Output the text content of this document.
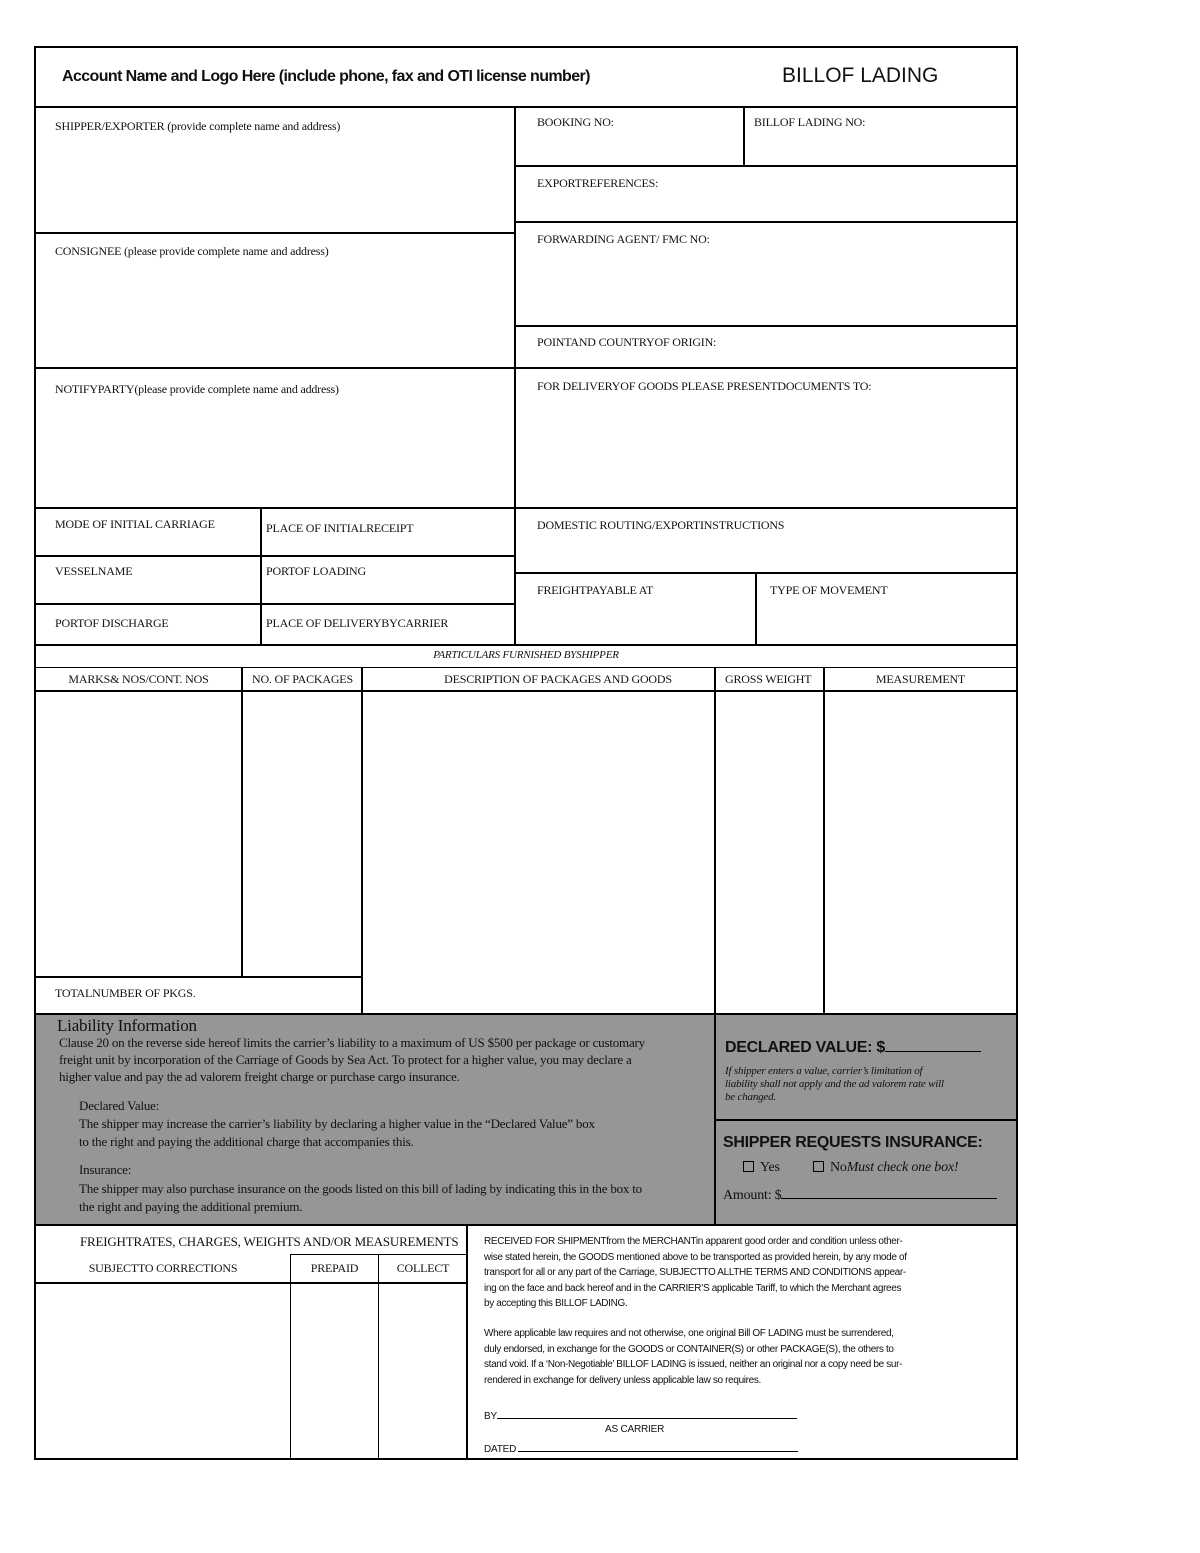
Account Name and Logo Here (include phone, fax and OTI license number)	BILLOF LADING
SHIPPER/EXPORTER (provide complete name and address)
CONSIGNEE (please provide complete name and address)
NOTIFYPARTY(please provide complete name and address)
MODE OF INITIAL CARRIAGE	PLACE OF INITIALRECEIPT
VESSELNAME	PORTOF LOADING
PORTOF DISCHARGE	PLACE OF DELIVERYBYCARRIER
BOOKING NO:	BILLOF LADING NO:
EXPORTREFERENCES:
FORWARDING AGENT/ FMC NO:
POINTAND COUNTRYOF ORIGIN:
FOR DELIVERYOF GOODS PLEASE PRESENTDOCUMENTS TO:
DOMESTIC ROUTING/EXPORTINSTRUCTIONS
FREIGHTPAYABLE AT	TYPE OF MOVEMENT
PARTICULARS FURNISHED BYSHIPPER
MARKS& NOS/CONT. NOS	NO. OF PACKAGES	DESCRIPTION OF PACKAGES AND GOODS	GROSS WEIGHT	MEASUREMENT
TOTALNUMBER OF PKGS.
Liability Information
Clause 20 on the reverse side hereof limits the carrier’s liability to a maximum of US $500 per package or customary
freight unit by incorporation of the Carriage of Goods by Sea Act. To protect for a higher value, you may declare a
higher value and pay the ad valorem freight charge or purchase cargo insurance.
Declared Value:
The shipper may increase the carrier’s liability by declaring a higher value in the “Declared Value” box
to the right and paying the additional charge that accompanies this.
Insurance:
The shipper may also purchase insurance on the goods listed on this bill of lading by indicating this in the box to
the right and paying the additional premium.
DECLARED VALUE: $
If shipper enters a value, carrier’s limitation of
liability shall not apply and the ad valorem rate will
be changed.
SHIPPER REQUESTS INSURANCE:
Yes	NoMust check one box!
Amount: $
FREIGHTRATES, CHARGES, WEIGHTS AND/OR MEASUREMENTS
SUBJECTTO CORRECTIONS	PREPAID	COLLECT
RECEIVED FOR SHIPMENTfrom the MERCHANTin apparent good order and condition unless other-
wise stated herein, the GOODS mentioned above to be transported as provided herein, by any mode of
transport for all or any part of the Carriage, SUBJECTTO ALLTHE TERMS AND CONDITIONS appear-
ing on the face and back hereof and in the CARRIER’S applicable Tariff, to which the Merchant agrees
by accepting this BILLOF LADING.
Where applicable law requires and not otherwise, one original Bill OF LADING must be surrendered,
duly endorsed, in exchange for the GOODS or CONTAINER(S) or other PACKAGE(S), the others to
stand void. If a ‘Non-Negotiable’ BILLOF LADING is issued, neither an original nor a copy need be sur-
rendered in exchange for delivery unless applicable law so requires.
BY
AS CARRIER
DATED
